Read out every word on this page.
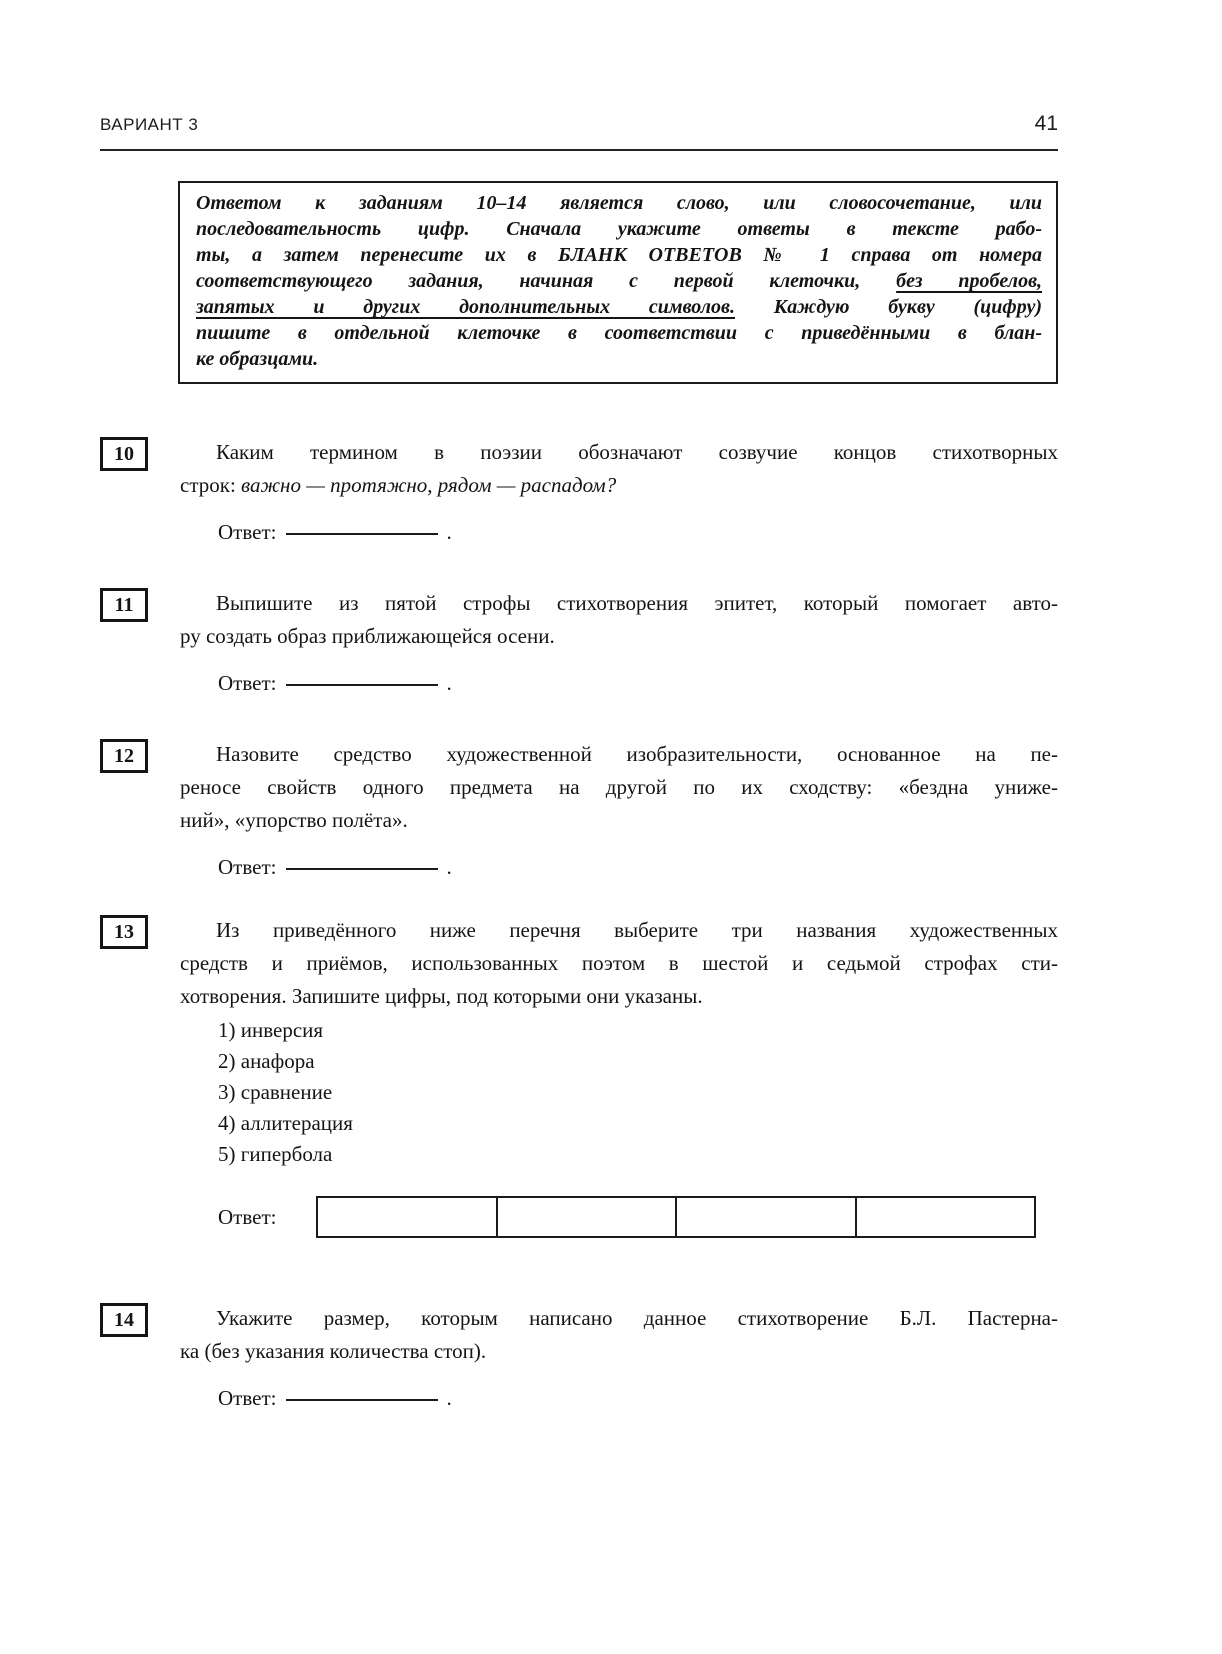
ВАРИАНТ 3	41
Ответом к заданиям 10–14 является слово, или словосочетание, или
последовательность цифр. Сначала укажите ответы в тексте рабо-
ты, а затем перенесите их в БЛАНК ОТВЕТОВ № 1 справа от номера
соответствующего задания, начиная с первой клеточки, без пробелов,
запятых и других дополнительных символов. Каждую букву (цифру)
пишите в отдельной клеточке в соответствии с приведёнными в блан-
ке образцами.
10	Каким термином в поэзии обозначают созвучие концов стихотворных
строк: важно — протяжно, рядом — распадом?
Ответ:	.
11	Выпишите из пятой строфы стихотворения эпитет, который помогает авто-
ру создать образ приближающейся осени.
Ответ:	.
12	Назовите средство художественной изобразительности, основанное на пе-
реносе свойств одного предмета на другой по их сходству: «бездна униже-
ний», «упорство полёта».
Ответ:	.
13	Из приведённого ниже перечня выберите три названия художественных
средств и приёмов, использованных поэтом в шестой и седьмой строфах сти-
хотворения. Запишите цифры, под которыми они указаны.
1) инверсия
2) анафора
3) сравнение
4) аллитерация
5) гипербола
Ответ:
14	Укажите размер, которым написано данное стихотворение Б.Л. Пастерна-
ка (без указания количества стоп).
Ответ:	.
